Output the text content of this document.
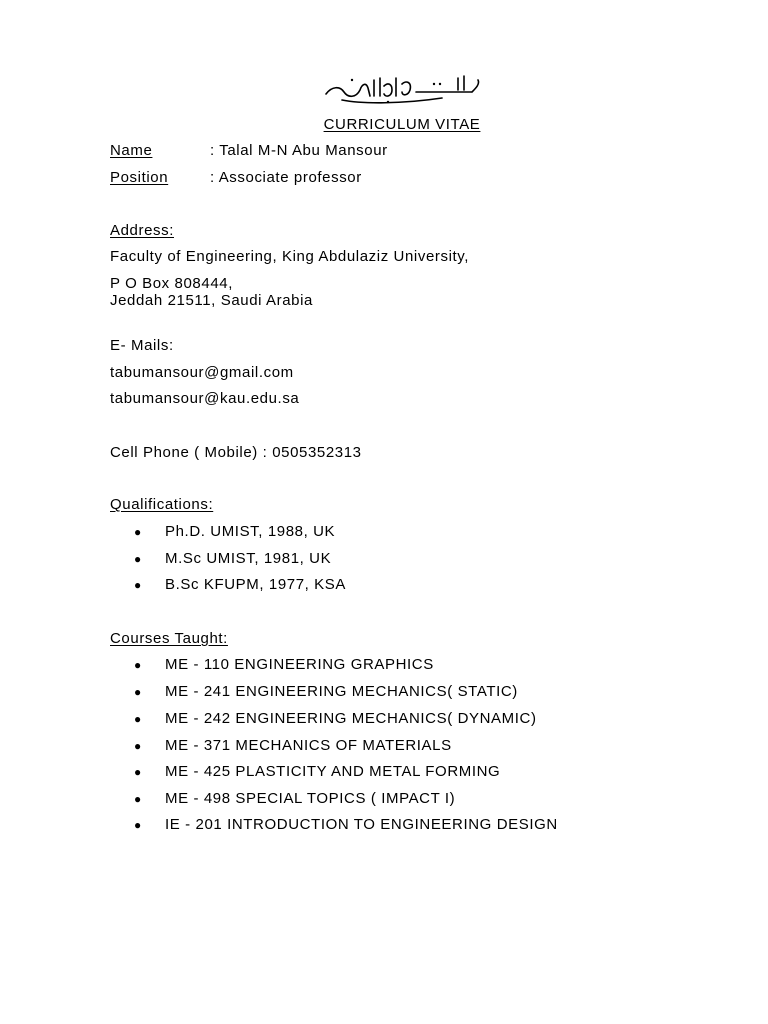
CURRICULUM VITAE
Name	: Talal M-N Abu Mansour
Position	: Associate professor
Address:
Faculty of Engineering, King Abdulaziz University,
P O Box 808444,
Jeddah 21511, Saudi Arabia
E- Mails:
tabumansour@gmail.com
tabumansour@kau.edu.sa
Cell Phone ( Mobile) : 0505352313
Qualifications:
● Ph.D. UMIST, 1988, UK
● M.Sc UMIST, 1981, UK
● B.Sc KFUPM, 1977, KSA
Courses Taught:
● ME - 110 ENGINEERING GRAPHICS
● ME - 241 ENGINEERING MECHANICS( STATIC)
● ME - 242 ENGINEERING MECHANICS( DYNAMIC)
● ME - 371 MECHANICS OF MATERIALS
● ME - 425 PLASTICITY AND METAL FORMING
● ME - 498 SPECIAL TOPICS ( IMPACT I)
● IE - 201 INTRODUCTION TO ENGINEERING DESIGN
